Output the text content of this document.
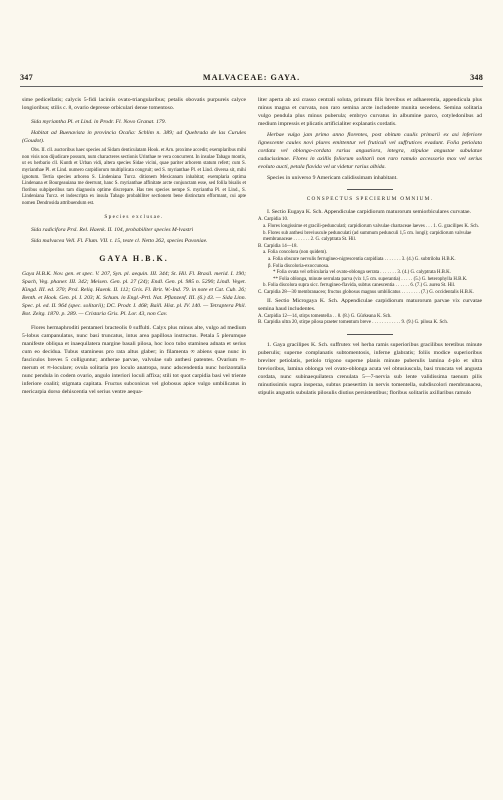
347	MALVACEAE: GAYA.	348

sime pedicellatis; calycis 5-fidi laciniis ovato-triangularibus; petalis obovatis purpureis calyce longioribus; stilis c. 8, ovario depresse orbiculari dense tomentoso.

Sida myriantha Pl. et Lind. in Prodr. Fl. Novo Granat. 179.

Habitat ad Buenavista in provincia Ocaña: Schlim n. 389; ad Quebrada de las Curules (Goudot).

Obs. II. cll. auctoribus haec species ad Sidam denticulatam Hook. et Arn. proxime accedit; exemplaribus mihi non visis non dijudicare possum, num characteres sectionis Urinthae re vera concurrent. In insulae Tabago montis, ut ex herbario cll. Kunth et Urban vidi, altera species Sidae vicini, quae pariter arborem statum refert; cum S. myrianthae Pl. et Lind. numero carpidiorum multiplicata congruit; sed S. myrianthae Pl. et Lind. diversa sit, mihi ignotum. Tertia species arborea S. Lindeniana Turcz. ditionem Mexicanam inhabitat; exemplaria optima Lindenana et Bourgeauiana me deerrunt, hanc S. myrianthae affinitate arcte conjunctam esse, sed folila bisalis et floribus subpiperibus tam diagnosin optime discrepare. Has tres species nempe S. myriantha Pl. et Lind., S. Lindeniana Turcz. et indescripta ex insula Tabago probabiliter sectionem bene distinctam efformant, cui apte nomen Dendrosida attribuendum est.

Species exclusae.

Sida radicifora Prsl. Rel. Haenk. II. 104, probabiliter species M-lvastri

Sida malvacea Vell. Fl. Flum. VII. t. 15, teste cl. Netto 262, species Pavoniae.

GAYA H.B.K.

Gaya H.B.K. Nov. gen. et spec. V. 207, Syn. pl. aequin. III. 344; St. Hil. Fl. Brasil. merid. I. 190; Spach, Veg. phaner. III. 342; Meisen. Gen. pl. 27 (24); Endl. Gen. pl. 985 n. 5290; Lindl. Veget. Kingd. III. ed. 370; Prsl. Reliq. Haenk. II. 112; Gris. Fl. Brit. W.-Ind. 79. in note et Cat. Cub. 26; Benth. et Hook. Gen. pl. I. 203; K. Schum. in Engl.-Prtl. Nat. Pflanzenf. III. (6.) 43. — Sida Linn. Spec. pl. ed. II. 964 (spec. solitarii); DC. Prodr. I. 468; Baill. Hist. pl. IV. 140. — Tetraptera Phil. Bot. Zeitg. 1870. p. 289. — Cristaria Gris. Pl. Lor. 43, non Cav.

Flores hermaphroditi pentameri bracteolis 0 suffulti. Calyx plus minus alte, vulgo ad medium 5-lobus campanulatus, nunc basi truncatus, intus area papillosa instructus. Petala 5 plerumque manifeste obliqua et inaequilatera margine basali pilosa, hoc loco tubo staminea adnata et serius cum eo decidua. Tubus stamineus pro rata altus glaber; in filamenta ∞ abiens quae nunc in fasciculos breves 5 colliguntur; antherae parvae, valvulae sub anthesi patentes. Ovarium ∞-merum et ∞-loculare; ovula solitaria pro loculo anatropa, nunc adscendentia nunc horizontalia nunc pendula in codem ovario, angulo interiori loculi affixa; stili tot quot carpidia basi vel triente inferiore coaliti; stigmata capitata. Fructus subconicus vel globosus apice vulgo umbilicatus in mericarpia dorso dehiscentia vel serius ventre aequa-

liter aperta ab axi crasso centrali soluta, primum filis brevibus et adhaerentia, appendicula plus minus magna et curvata, non raro semina arcte includente munita secedens. Semina solitaria vulgo pendula plus minus puberula; embryo curvatus in albumine parco, cotyledonibus ad medium impressis et plicatis artificialiter explanatis cordatis.

Herbae vulgo jam primo anno florentes, post obitum caulis primarii ex axi inferiore lignescente caules novi plures emittentur vel fruticuli vel suffrutices evadunt. Folia petiolata cordata vel oblongo-cordata rarius angustiora, integra, stipulae angustae subulatae caducissimae. Flores in axillis foliorum solitarii non raro ramulo accessorio mox vel serius evoluto aucti, petala flavida vel ut videtur rarius albida.

Species in universo 9 Americam calidissimam inhabitant.

CONSPECTUS SPECIERUM OMNIUM.

I. Sectio Eugaya K. Sch. Appendiculae carpidiorum maturorum semiorbiculares curvatae.

A. Carpidia 10.

a. Flores longissime et gracili-pedunculati; carpidiorum valvulae chartaceae laeves . . . 1. G. gracilipes K. Sch.

b. Flores sub anthesi breviuscule pedunculati (ad summum pedunculi 1,5 cm. longi); carpidiorum valvulae membranaceae . . . . . . . 2. G. calyptrata St. Hil.

B. Carpidia 14—18.

a. Folia concolora (non quidem).

a. Folia obscure nervulis ferrugineo-nigrescentia carpidiata . . . . . . . 3. (4.) G. subtriloba H.B.K.

β. Folia discoloria-exoccunosa.

* Folia ovata vel orbicularia vel ovato-oblonga serrata . . . . . . . 3. (4.) G. calyptrata H.B.K.

** Folia oblonga, minute serrulata parva (vix 1,5 cm. superantia) . . . . . (5.) G. heterophylla H.B.K.

b. Folia discolora supra sicc. ferrugineo-flavida, subtus canescentia . . . . . . 6. (7.) G. aurea St. Hil.

C. Carpidia 28—30 membranaceo; fructus globosus magnus umbilicatus . . . . . . . . (7.) G. occidentalis H.B.K.

II. Sectio Microgaya K. Sch. Appendiculae carpidiorum maturorum parvae vix curvatae semina haud includentes.

A. Carpidia 12—14, stirps tomentella . . 8. (8.) G. Gürkeana K. Sch.

B. Carpidia ultra 20, stirpe pilosa praeter tomentum breve . . . . . . . . . . . . 9. (9.) G. pilosa K. Sch.

1. Gaya gracilipes K. Sch. suffrutex vel herba ramis superioribus gracilibus teretibus minute puberulis; superne complanatis subtomentosis, inferne glabratis; foliis modice superioribus breviter petiolatis, petiolo trigono superne planis minute puberulis lamina 4-plo et ultra brevioribus, lamina oblonga vel ovato-oblonga acuta vel obtusiuscula, basi truncata vel angusta cordata, nunc subinaequilatera crenulata 5—7-nervia sub lente validissima taenum pilis minutissimis supra insperaa, subtus praesertim in nervis tomentella, subdiscolori membranacea, stipulis angustis subulatis pilosulis diutius persistentibus; floribus solitariis axillaribus ramulo
